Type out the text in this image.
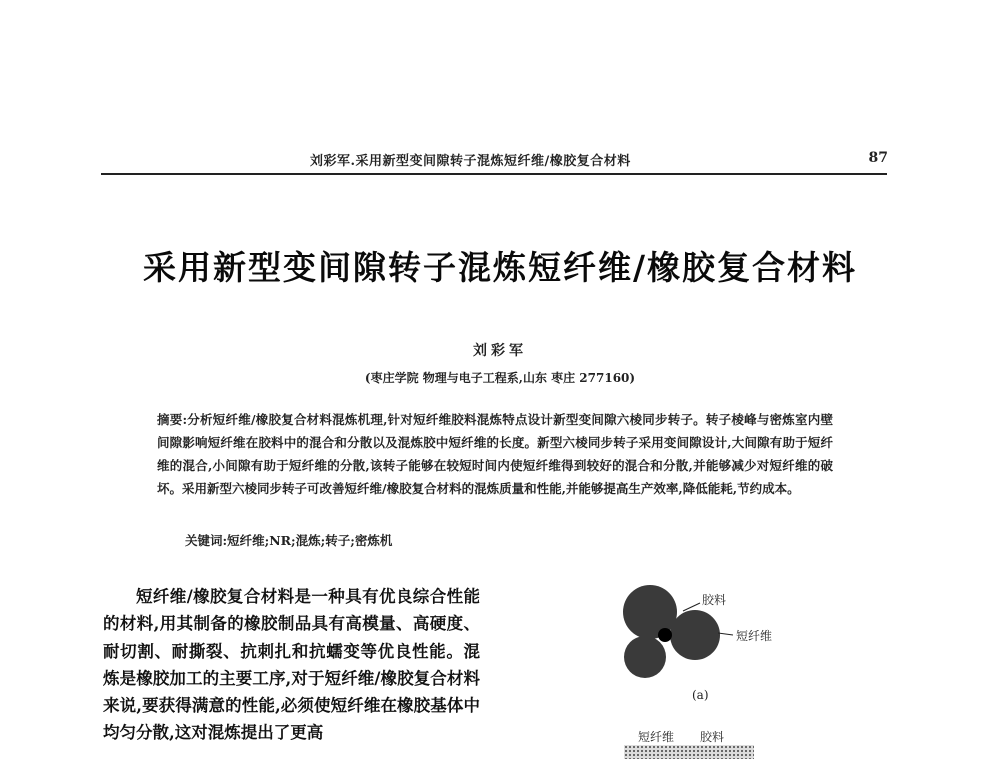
刘彩军.采用新型变间隙转子混炼短纤维/橡胶复合材料	87
采用新型变间隙转子混炼短纤维/橡胶复合材料
刘彩军
(枣庄学院 物理与电子工程系,山东 枣庄 277160)
摘要:分析短纤维/橡胶复合材料混炼机理,针对短纤维胶料混炼特点设计新型变间隙六棱同步转子。转子棱峰与密炼室内壁间隙影响短纤维在胶料中的混合和分散以及混炼胶中短纤维的长度。新型六棱同步转子采用变间隙设计,大间隙有助于短纤维的混合,小间隙有助于短纤维的分散,该转子能够在较短时间内使短纤维得到较好的混合和分散,并能够减少对短纤维的破坏。采用新型六棱同步转子可改善短纤维/橡胶复合材料的混炼质量和性能,并能够提高生产效率,降低能耗,节约成本。
关键词:短纤维;NR;混炼;转子;密炼机
短纤维/橡胶复合材料是一种具有优良综合性能的材料,用其制备的橡胶制品具有高模量、高硬度、耐切割、耐撕裂、抗刺扎和抗蠕变等优良性能。混炼是橡胶加工的主要工序,对于短纤维/橡胶复合材料来说,要获得满意的性能,必须使短纤维在橡胶基体中均匀分散,这对混炼提出了更高
胶料
短纤维
(a)
短纤维 胶料
